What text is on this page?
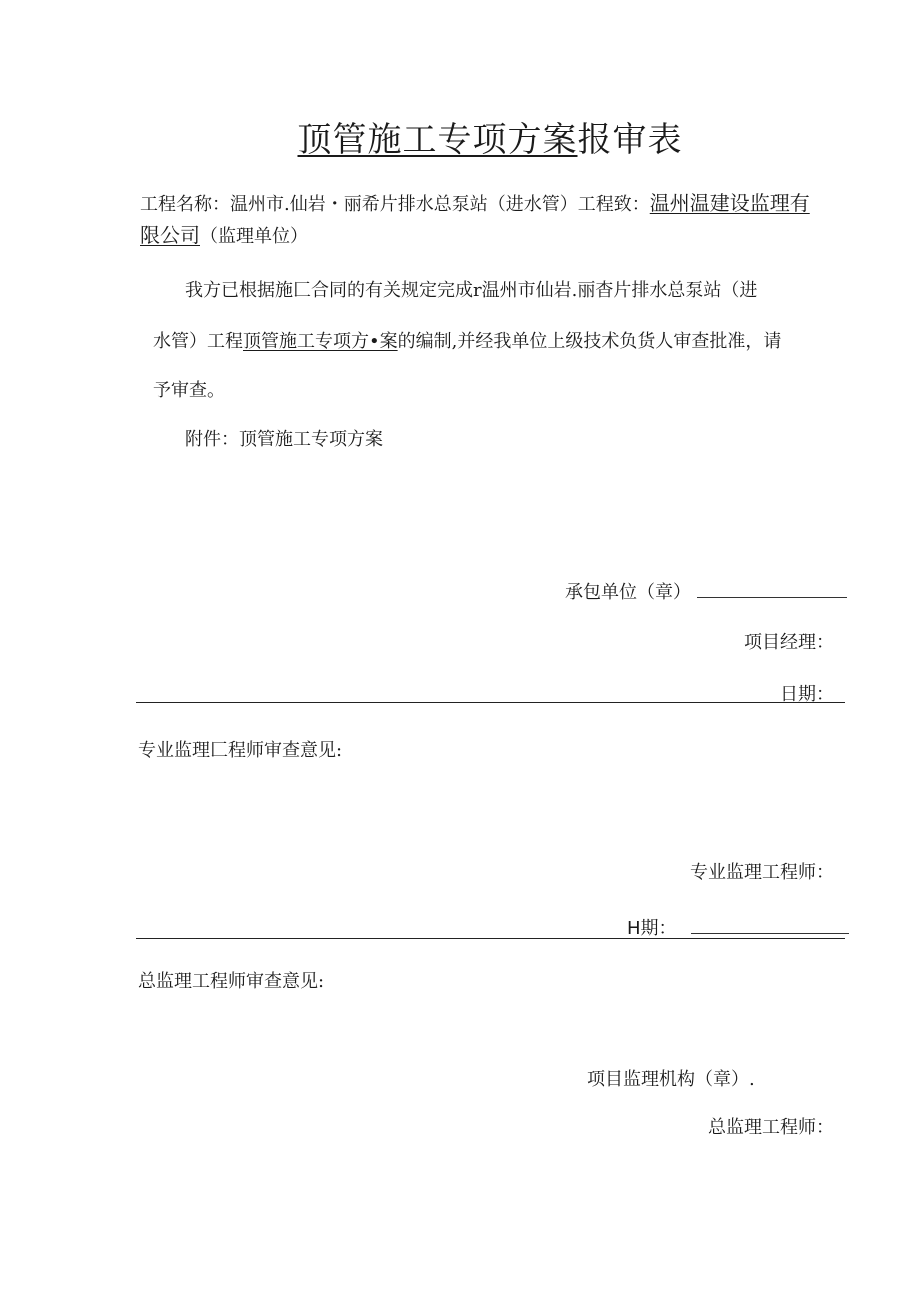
顶管施工专项方案报审表
工程名称：温州市.仙岩・丽希片排水总泵站（进水管）工程致：温州温建设监理有
限公司（监理单位）
我方已根据施匚合同的有关规定完成r温州市仙岩.丽杳片排水总泵站（进
水管）工程顶管施工专项方•案的编制,并经我单位上级技术负货人审查批准，请
予审查。
附件：顶管施工专项方案
承包单位（章）
项目经理：
日期：
专业监理匚程师审查意见:
专业监理工程师：
H期：
总监理工程师审查意见:
项目监理机构（章）.
总监理工程师：
